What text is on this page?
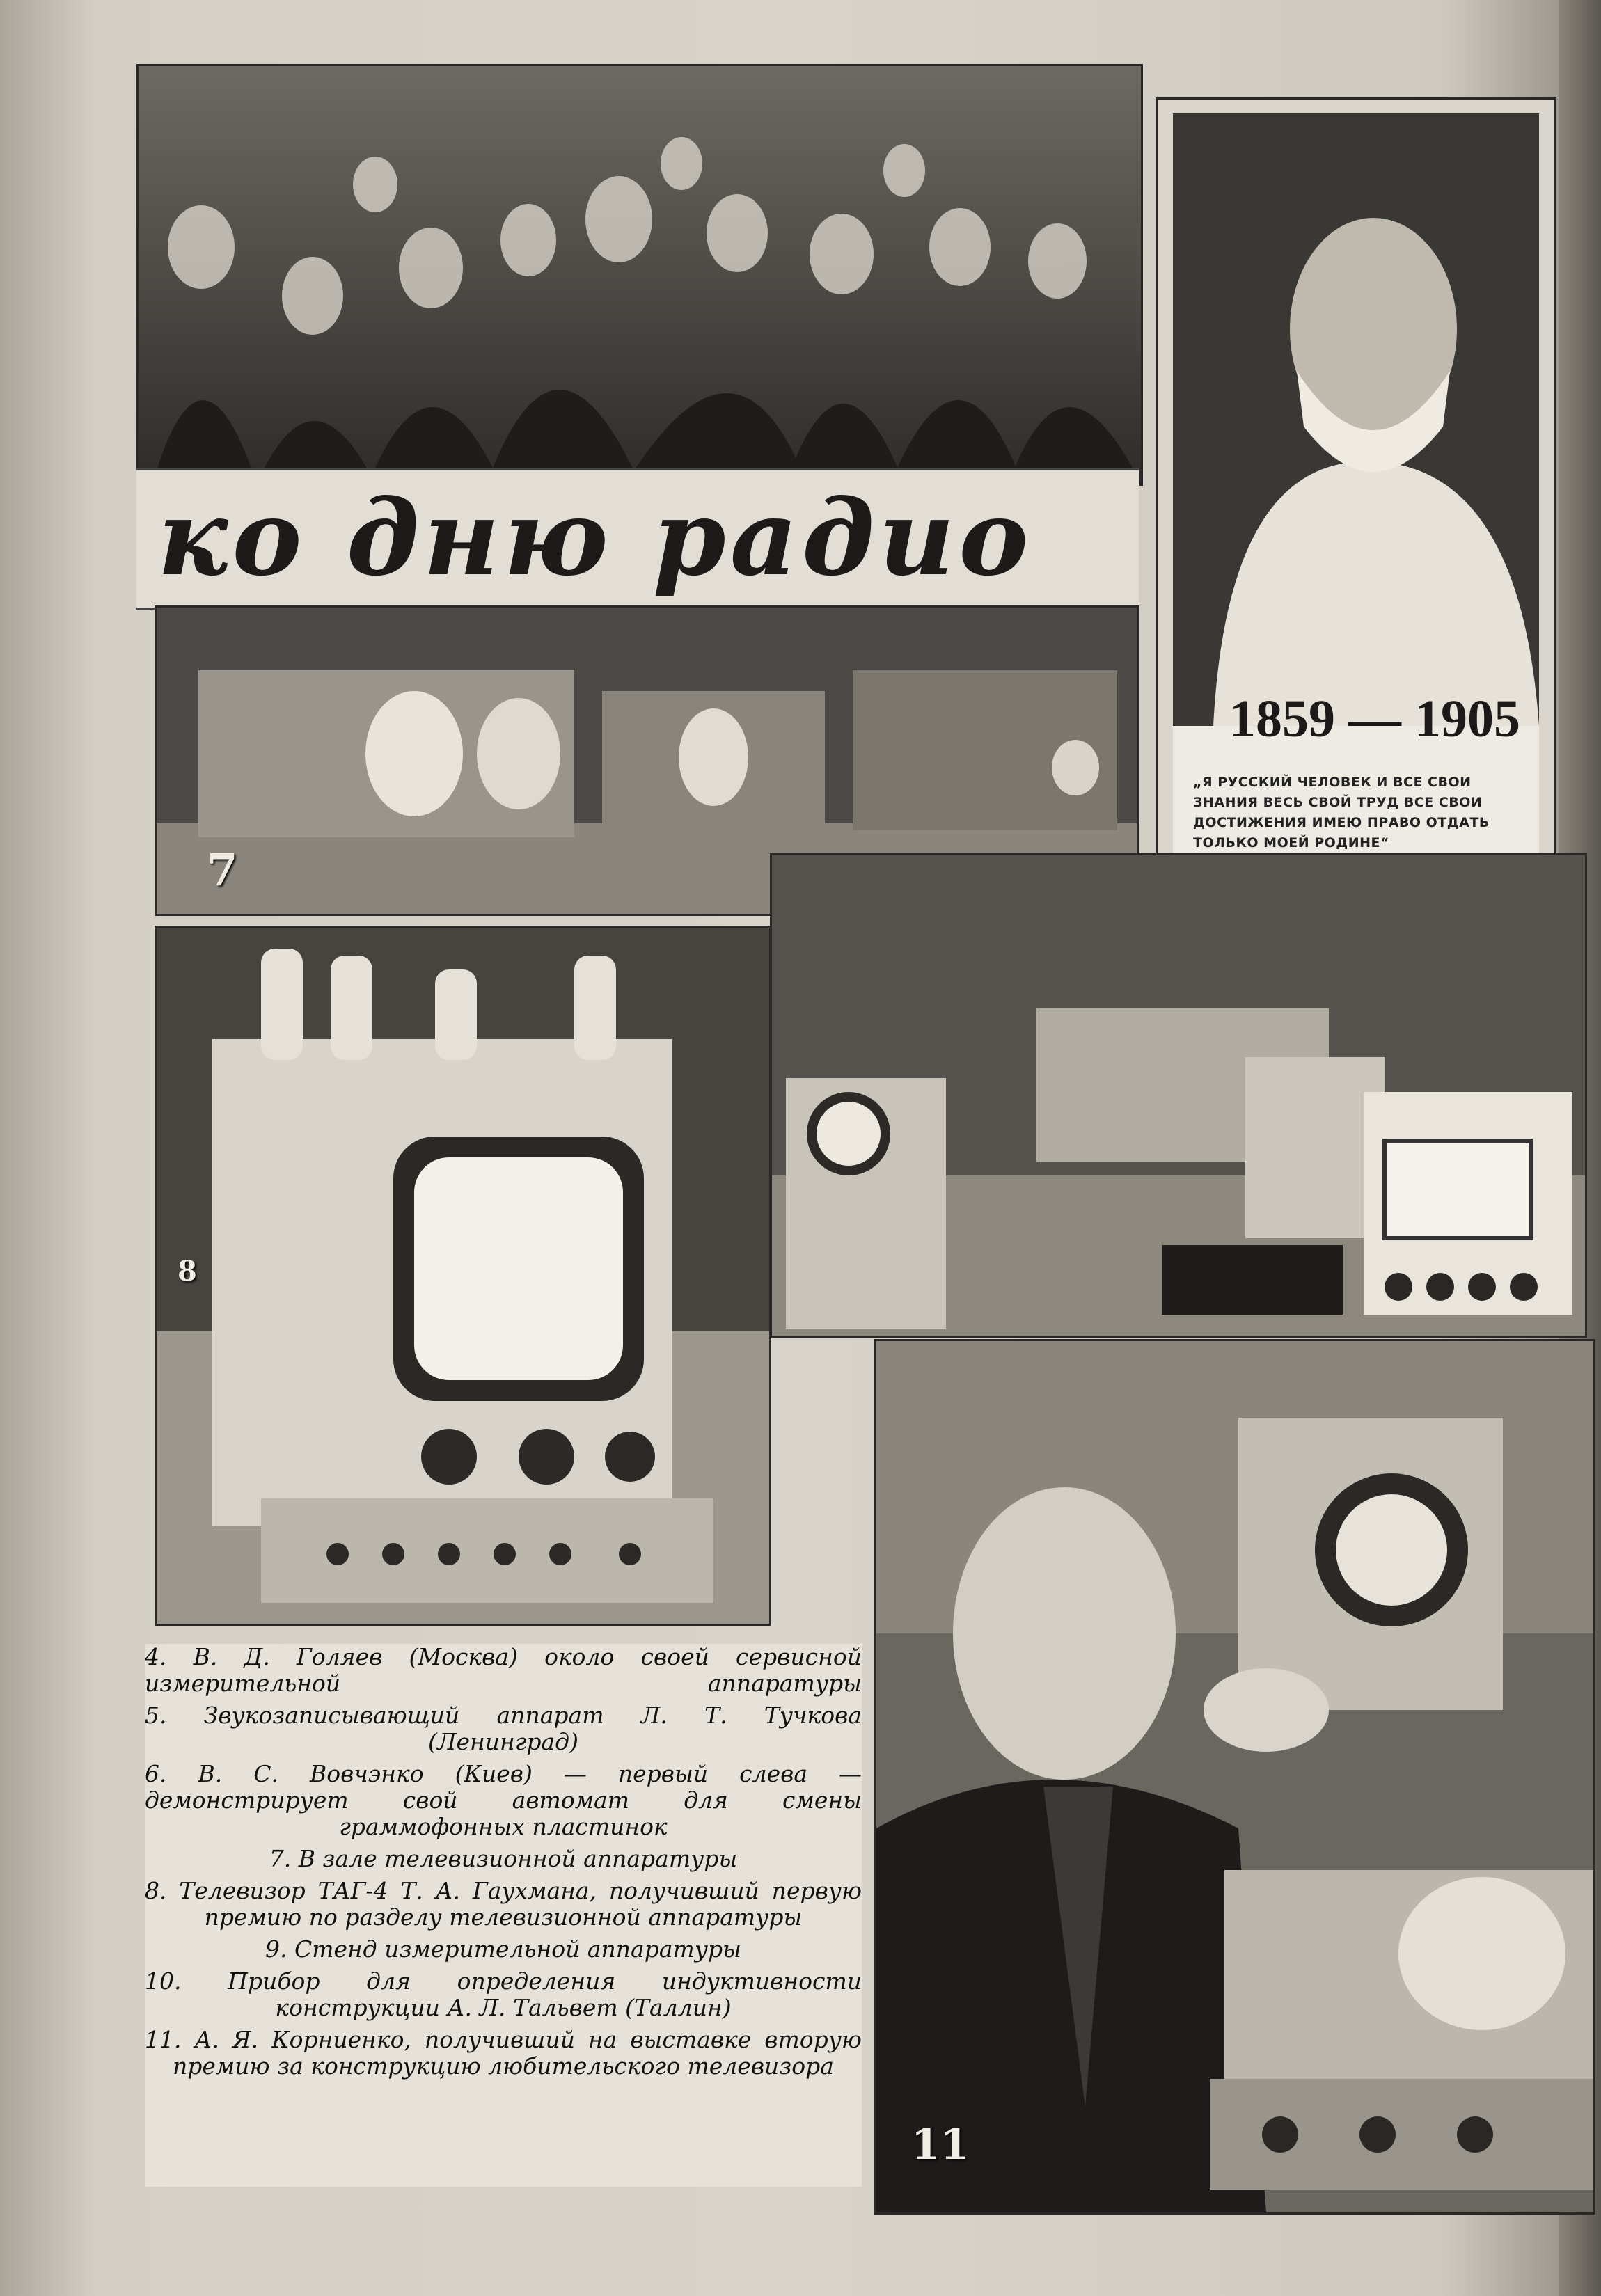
ко дню радио
1859 — 1905
„Я РУССКИЙ ЧЕЛОВЕК И ВСЕ СВОИ ЗНАНИЯ ВЕСЬ СВОЙ ТРУД ВСЕ СВОИ ДОСТИЖЕНИЯ ИМЕЮ ПРАВО ОТДАТЬ ТОЛЬКО МОЕЙ РОДИНЕ“
7
8
11

4. В. Д. Голяев (Москва) около своей сервисной измерительной аппаратуры

5. Звукозаписывающий аппарат Л. Т. Тучкова (Ленинград)

6. В. С. Вовчэнко (Киев) — первый слева — демонстрирует свой автомат для смены граммофонных пластинок

7. В зале телевизионной аппаратуры

8. Телевизор ТАГ-4 Т. А. Гаухмана, получивший первую премию по разделу телевизионной аппаратуры

9. Стенд измерительной аппаратуры

10. Прибор для определения индуктивности конструкции А. Л. Тальвет (Таллин)

11. А. Я. Корниенко, получивший на выставке вторую премию за конструкцию любительского телевизора
